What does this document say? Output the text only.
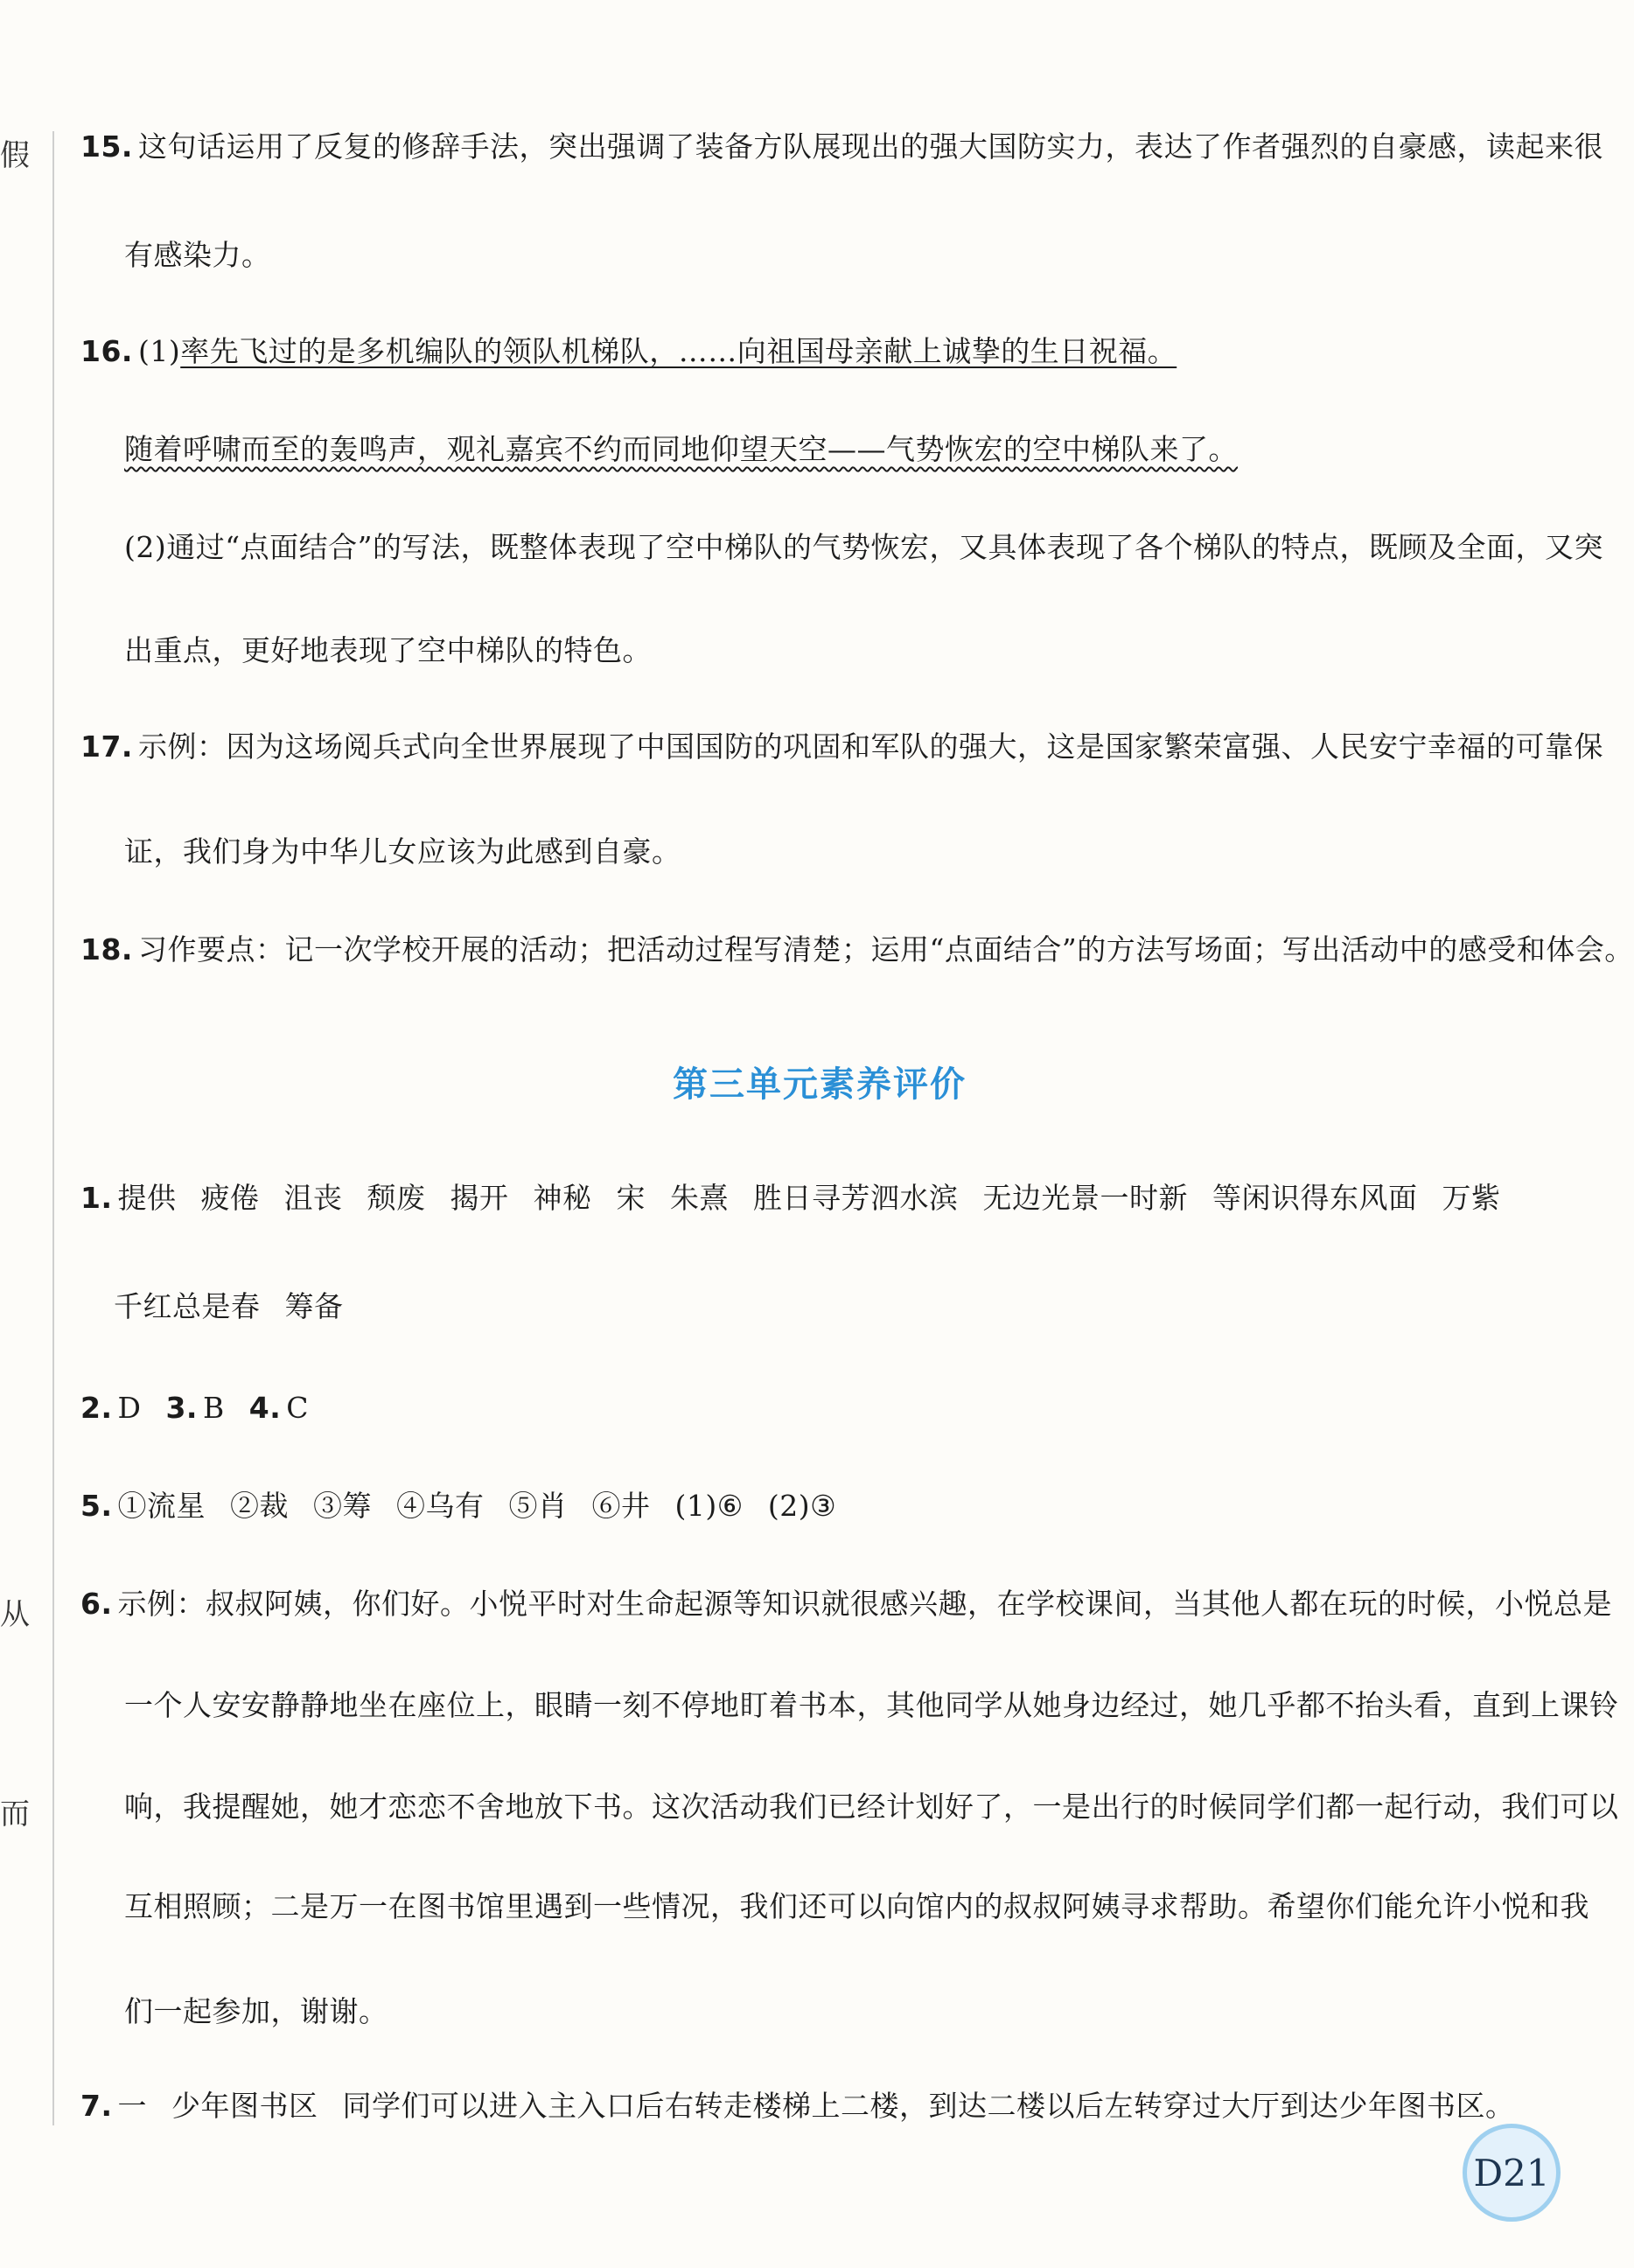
假
从
而
15. 这句话运用了反复的修辞手法，突出强调了装备方队展现出的强大国防实力，表达了作者强烈的自豪感，读起来很
有感染力。
16. (1)率先飞过的是多机编队的领队机梯队，……向祖国母亲献上诚挚的生日祝福。
随着呼啸而至的轰鸣声，观礼嘉宾不约而同地仰望天空——气势恢宏的空中梯队来了。
(2)通过“点面结合”的写法，既整体表现了空中梯队的气势恢宏，又具体表现了各个梯队的特点，既顾及全面，又突
出重点，更好地表现了空中梯队的特色。
17. 示例：因为这场阅兵式向全世界展现了中国国防的巩固和军队的强大，这是国家繁荣富强、人民安宁幸福的可靠保
证，我们身为中华儿女应该为此感到自豪。
18. 习作要点：记一次学校开展的活动；把活动过程写清楚；运用“点面结合”的方法写场面；写出活动中的感受和体会。
第三单元素养评价
1. 提供 疲倦 沮丧 颓废 揭开 神秘 宋 朱熹 胜日寻芳泗水滨 无边光景一时新 等闲识得东风面 万紫
千红总是春 筹备
2. D 3. B 4. C
5. ①流星 ②裁 ③筹 ④乌有 ⑤肖 ⑥井 (1)⑥ (2)③
6. 示例：叔叔阿姨，你们好。小悦平时对生命起源等知识就很感兴趣，在学校课间，当其他人都在玩的时候，小悦总是
一个人安安静静地坐在座位上，眼睛一刻不停地盯着书本，其他同学从她身边经过，她几乎都不抬头看，直到上课铃
响，我提醒她，她才恋恋不舍地放下书。这次活动我们已经计划好了，一是出行的时候同学们都一起行动，我们可以
互相照顾；二是万一在图书馆里遇到一些情况，我们还可以向馆内的叔叔阿姨寻求帮助。希望你们能允许小悦和我
们一起参加，谢谢。
7. 一 少年图书区 同学们可以进入主入口后右转走楼梯上二楼，到达二楼以后左转穿过大厅到达少年图书区。
D21
